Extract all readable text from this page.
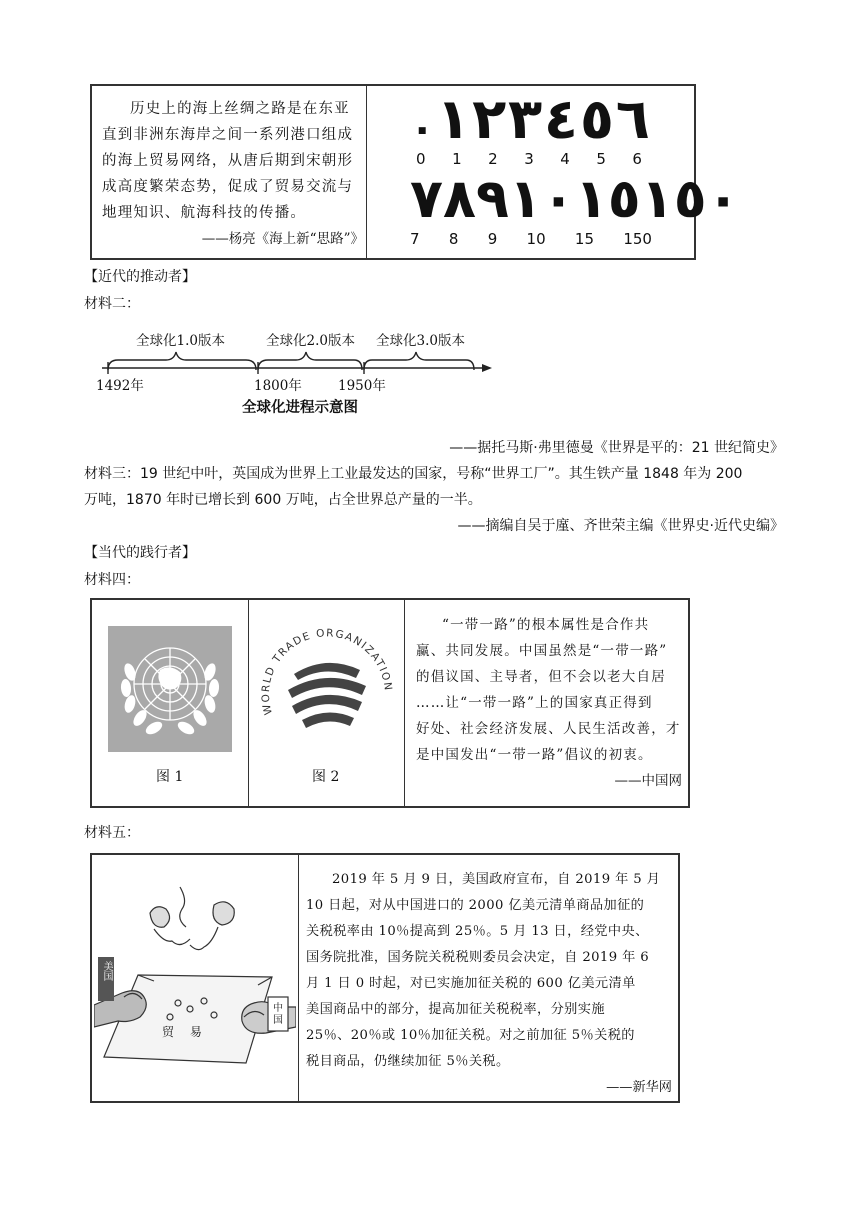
历史上的海上丝绸之路是在东亚
直到非洲东海岸之间一系列港口组成
的海上贸易网络，从唐后期到宋朝形
成高度繁荣态势，促成了贸易交流与
地理知识、航海科技的传播。
——杨亮《海上新“思路”》
٠ ١ ٢ ٣ ٤ ٥ ٦
0 1 2 3 4 5 6
٧ ٨ ٩ ١٠ ١٥ ١٥٠
7 8 9 10 15 150
【近代的推动者】
材料二：
全球化1.0版本	全球化2.0版本 全球化3.0版本
1492年	1800年	1950年
全球化进程示意图
——据托马斯·弗里德曼《世界是平的：21 世纪简史》
材料三：19 世纪中叶，英国成为世界上工业最发达的国家，号称“世界工厂”。其生铁产量 1848 年为 200
万吨，1870 年时已增长到 600 万吨，占全世界总产量的一半。
——摘编自吴于廑、齐世荣主编《世界史·近代史编》
【当代的践行者】
材料四：
图 1
WORLD TRADE ORGANIZATION
图 2
“一带一路”的根本属性是合作共
赢、共同发展。中国虽然是“一带一路”
的倡议国、主导者，但不会以老大自居
……让“一带一路”上的国家真正得到
好处、社会经济发展、人民生活改善，才
是中国发出“一带一路”倡议的初衷。
——中国网
材料五：
美国
中国
贸 易
2019 年 5 月 9 日，美国政府宣布，自 2019 年 5 月
10 日起，对从中国进口的 2000 亿美元清单商品加征的
关税税率由 10％提高到 25％。5 月 13 日，经党中央、
国务院批准，国务院关税税则委员会决定，自 2019 年 6
月 1 日 0 时起，对已实施加征关税的 600 亿美元清单
美国商品中的部分，提高加征关税税率，分别实施
25％、20％或 10％加征关税。对之前加征 5％关税的
税目商品，仍继续加征 5％关税。
——新华网
